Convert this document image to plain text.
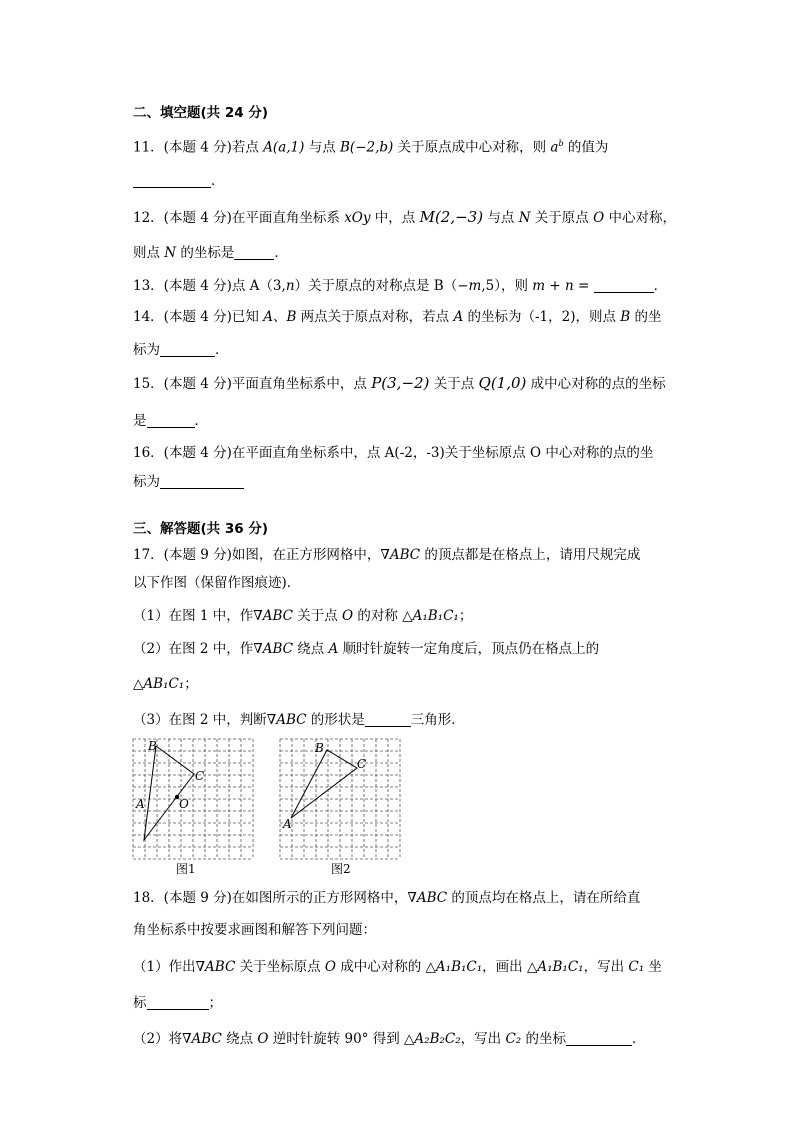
二、填空题(共 24 分)
11．(本题 4 分)若点 A(a,1) 与点 B(−2,b) 关于原点成中心对称，则 $a^b$ 的值为
．
12．(本题 4 分)在平面直角坐标系 xOy 中，点 M(2,−3) 与点 N 关于原点 O 中心对称，
则点 N 的坐标是	．
13．(本题 4 分)点 A（3,n）关于原点的对称点是 B（−m,5），则 m + n =	．
14．(本题 4 分)已知 A、B 两点关于原点对称，若点 A 的坐标为（-1，2)，则点 B 的坐
标为	．
15．(本题 4 分)平面直角坐标系中，点 P(3,−2) 关于点 Q(1,0) 成中心对称的点的坐标
是	．
16．(本题 4 分)在平面直角坐标系中，点 A(-2，-3)关于坐标原点 O 中心对称的点的坐
标为
三、解答题(共 36 分)
17．(本题 9 分)如图，在正方形网格中，∇ABC 的顶点都是在格点上，请用尺规完成
以下作图（保留作图痕迹)．
（1）在图 1 中，作∇ABC 关于点 O 的对称 △A₁B₁C₁；
（2）在图 2 中，作∇ABC 绕点 A 顺时针旋转一定角度后，顶点仍在格点上的
△AB₁C₁；
（3）在图 2 中，判断∇ABC 的形状是	三角形．
B
C
A	O
图1
B
C
A
图2
18．(本题 9 分)在如图所示的正方形网格中，∇ABC 的顶点均在格点上，请在所给直
角坐标系中按要求画图和解答下列问题：
（1）作出∇ABC 关于坐标原点 O 成中心对称的 △A₁B₁C₁，画出 △A₁B₁C₁，写出 C₁ 坐
标	；
（2）将∇ABC 绕点 O 逆时针旋转 90° 得到 △A₂B₂C₂，写出 C₂ 的坐标	．
